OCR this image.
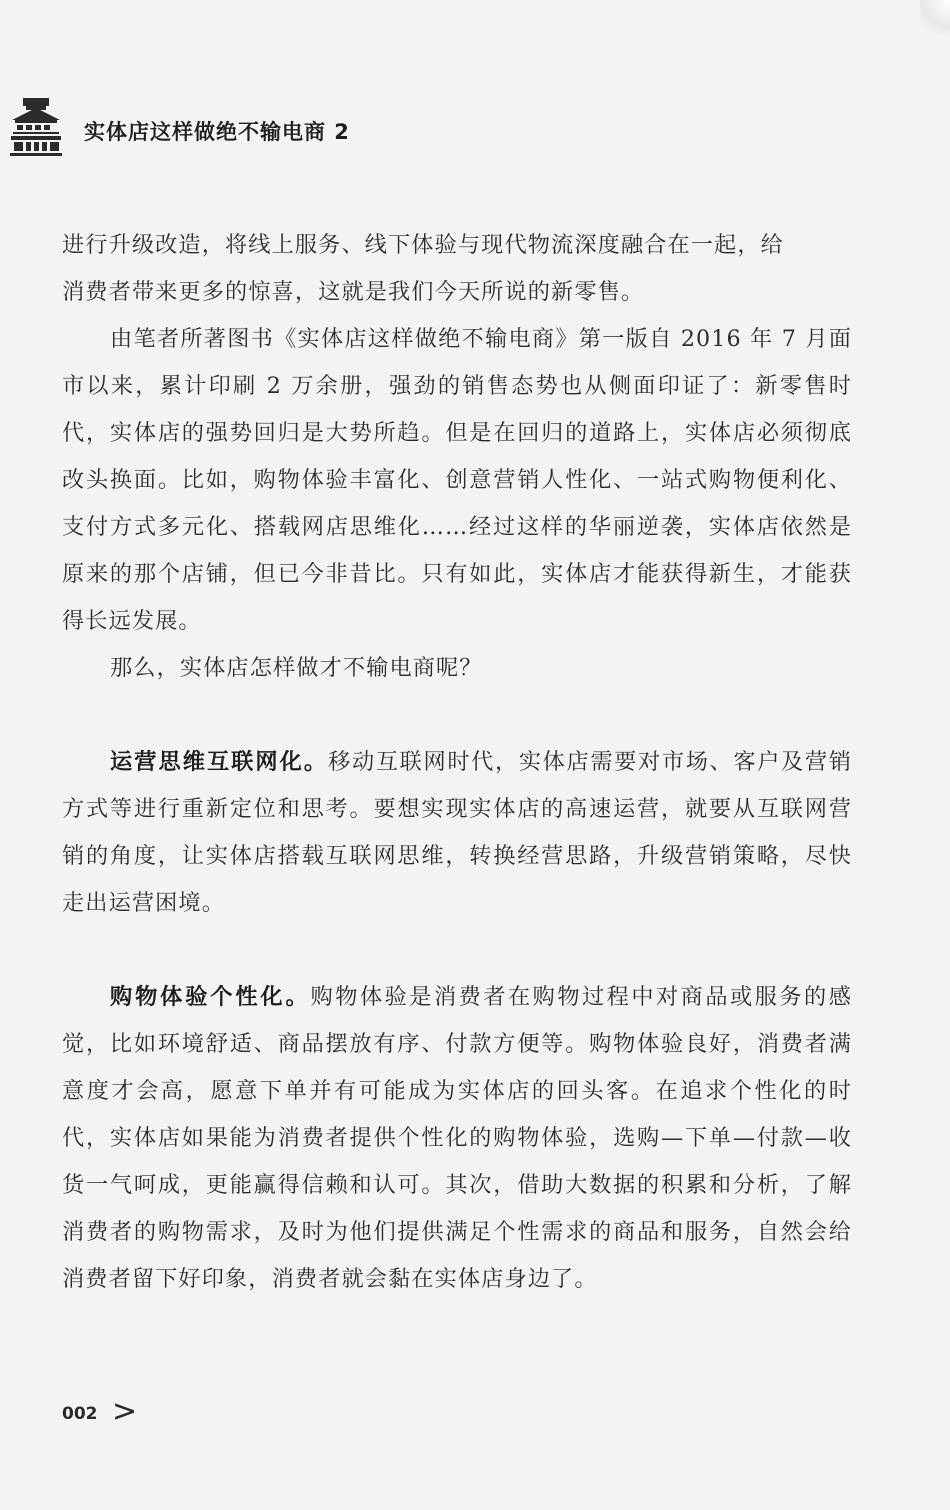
实体店这样做绝不输电商 2

进行升级改造，将线上服务、线下体验与现代物流深度融合在一起，给
消费者带来更多的惊喜，这就是我们今天所说的新零售。

由笔者所著图书《实体店这样做绝不输电商》第一版自 2016 年 7 月面市以来，累计印刷 2 万余册，强劲的销售态势也从侧面印证了：新零售时代，实体店的强势回归是大势所趋。但是在回归的道路上，实体店必须彻底改头换面。比如，购物体验丰富化、创意营销人性化、一站式购物便利化、支付方式多元化、搭载网店思维化……经过这样的华丽逆袭，实体店依然是原来的那个店铺，但已今非昔比。只有如此，实体店才能获得新生，才能获得长远发展。

那么，实体店怎样做才不输电商呢？

运营思维互联网化。移动互联网时代，实体店需要对市场、客户及营销方式等进行重新定位和思考。要想实现实体店的高速运营，就要从互联网营销的角度，让实体店搭载互联网思维，转换经营思路，升级营销策略，尽快走出运营困境。

购物体验个性化。购物体验是消费者在购物过程中对商品或服务的感觉，比如环境舒适、商品摆放有序、付款方便等。购物体验良好，消费者满意度才会高，愿意下单并有可能成为实体店的回头客。在追求个性化的时代，实体店如果能为消费者提供个性化的购物体验，选购—下单—付款—收货一气呵成，更能赢得信赖和认可。其次，借助大数据的积累和分析，了解消费者的购物需求，及时为他们提供满足个性需求的商品和服务，自然会给消费者留下好印象，消费者就会黏在实体店身边了。

002 >
